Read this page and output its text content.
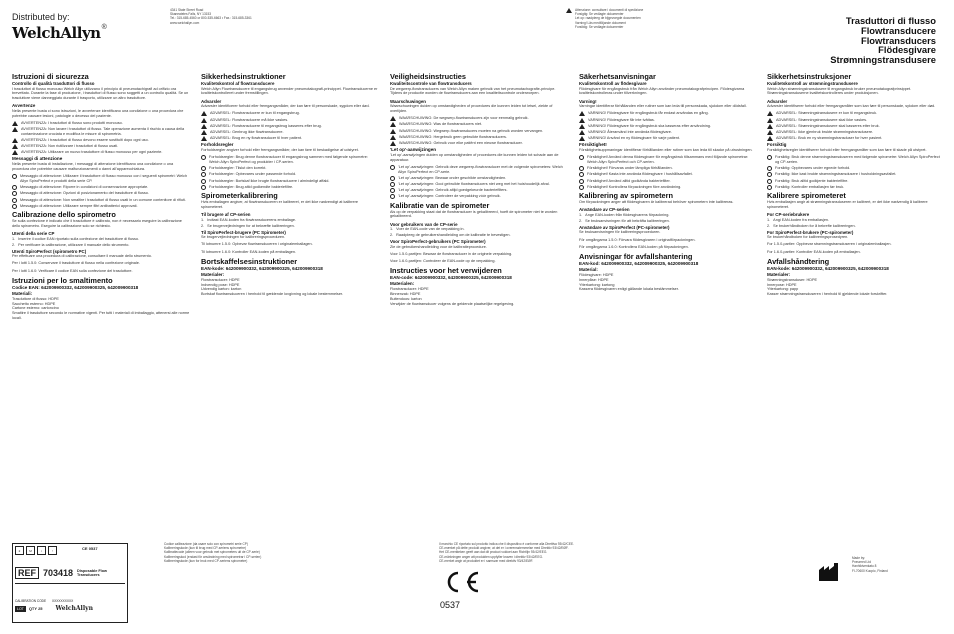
Distributed by:
WelchAllyn ®
4341 State Street Road
Skaneateles Falls, NY 13153
Tel.: 315-685-4560 or 800-535-6663 • Fax.: 315-685-3361
www.welchallyn.com
Attenzione: consultare i documenti di spedizione
Forsigtig: Se vedlagte dokumenter
Let op: raadpleeg de bijgevoegde documenten
Varning! Läs medföljande dokument
Forsiktig: Se vedlagte dokumenter
Trasduttori di flusso
Flowtransducere
Flowtransducers
Flödesgivare
Strømningstransdusere
Istruzioni di sicurezza
Controllo di qualità trasduttori di flusso

I trasduttori di flusso monouso Welch Allyn utilizzano il principio di pneumotachigrafi ad orifizio ora brevettato. Durante la fase di produzione, i trasduttori di flusso sono soggetti a un controllo qualità. Se un trasduttore viene danneggiato durante il trasporto, utilizzare un altro trasduttore.

Avvertenze

Nella presente busta ci sono istruzioni, le avvertenze identificano una condizione o una procedura che potrebbe causare lesioni, patologie o decesso del paziente.

AVVERTENZA: I trasduttori di flusso sono prodotti monouso.
AVVERTENZA: Non lavare i trasduttori di flusso. Tale operazione aumenta il rischio a causa della contaminazione crociata e modifica le misure di spirometria.
AVVERTENZA: I trasduttori di flusso devono essere sostituiti dopo ogni uso.
AVVERTENZA: Non riutilizzare i trasduttori di flusso usati.
AVVERTENZA: Utilizzare un nuovo trasduttore di flusso monouso per ogni paziente.
Messaggi di attenzione

Nella presente busta di installazione, i messaggi di attenzione identificano una condizione o una procedura che potrebbe causare malfunzionamenti o danni all'apparecchiatura.

Messaggio di attenzione: Utilizzare il trasduttore di flusso monouso con i seguenti spirometri: Welch Allyn SpiroPerfect e prodotti della serie CP.
Messaggio di attenzione: Riporre in condizioni di conservazione appropriate.
Messaggio di attenzione: Opzioni di posizionamento del trasduttore di flusso.
Messaggio di attenzione: Non smaltire i trasduttori di flusso usati in un comune contenitore di rifiuti.
Messaggio di attenzione: Utilizzare sempre filtri antibatterici approvati.
Calibrazione dello spirometro

Se sulla confezione è indicato che il trasduttore è calibrato, non è necessario eseguire la calibrazione dello spirometro. Eseguire la calibrazione solo se richiesto.

Utenti della serie CP
1. Inserire il codice EAN riportato sulla confezione del trasduttore di flusso.
2. Per verificare la calibrazione, utilizzare il manuale dello strumento.
Utenti SpiroPerfect (spirometro PC)

Per effettuare una procedura di calibrazione, consultare il manuale dello strumento.

Per i lotti 1.5.0: Conservare il trasduttore di flusso nella confezione originale.

Per i lotti 1.6.0: Verificare il codice EAN sulla confezione del trasduttore.

Istruzioni per lo smaltimento
Codice EAN: 642009900332, 642009900325, 642009900318
Materiali:
Trasduttore di flusso: HDPE
Sacchetto esterno: HDPE
Cartone esterno: cartoncino

Smaltire il trasduttore secondo le normative vigenti. Per tutti i materiali di imballaggio, attenersi alle norme locali.

Sikkerhedsinstruktioner
Kvalitetskontrol af flowtransducere

Welch Allyn Flowtransducere til engangsbrug anvender pneumotakografi-princippet. Flowtransducerne er kvalitetskontrolleret under fremstillingen.

Advarsler

Advarsler identificerer forhold eller fremgangsmåder, der kan føre til personskade, sygdom eller død.

ADVARSEL: Flowtransducere er kun til engangsbrug.
ADVARSEL: Flowtransducere må ikke vaskes.
ADVARSEL: Flowtransducere til engangsbrug kasseres efter brug.
ADVARSEL: Genbrug ikke flowtransducere.
ADVARSEL: Brug en ny flowtransducer til hver patient.
Forholdsregler

Forholdsregler angiver forhold eller fremgangsmåder, der kan føre til beskadigelse af udstyret.

Forholdsregler: Brug denne flowtransducer til engangsbrug sammen med følgende spirometre: Welch Allyn SpiroPerfect og produkter i CP-serien.
Forholdsregler: Tilslut den korrekt.
Forholdsregler: Opbevares under passende forhold.
Forholdsregler: Bortskaf ikke brugte flowtransducere i almindeligt affald.
Forholdsregler: Brug altid godkendte bakteriefiltre.
Spirometerkalibrering

Hvis emballagen angiver, at flowtransduceren er kalibreret, er det ikke nødvendigt at kalibrere spirometeret.

Til brugere af CP-serien
1. Indtast EAN-koden fra flowtransducerens emballage.
2. Se brugervejledningen for at bekræfte kalibreringen.
Til SpiroPerfect-brugere (PC Spirometer)

Se brugervejledningen for kalibreringsproceduren.

Til lotnumre 1.5.0: Opbevar flowtransduceren i originalemballagen.

Til lotnumre 1.6.0: Kontroller EAN-koden på emballagen.

Bortskaffelsesinstruktioner
EAN-kode: 642009900332, 642009900325, 642009900318
Materialer:
Flowtransducer: HDPE
Indvendig pose: HDPE
Udvendig karton: karton

Bortskaf flowtransduceren i henhold til gældende lovgivning og lokale bestemmelser.

Veiligheidsinstructies
Kwaliteitscontrole van flowtransducers

De wegwerp-flowtransducers van Welch Allyn maken gebruik van het pneumotachografie-principe. Tijdens de productie worden de flowtransducers aan een kwaliteitscontrole onderworpen.

Waarschuwingen

Waarschuwingen duiden op omstandigheden of procedures die kunnen leiden tot letsel, ziekte of overlijden.

WAARSCHUWING: De wegwerp-flowtransducers zijn voor eenmalig gebruik.
WAARSCHUWING: Was de flowtransducers niet.
WAARSCHUWING: Wegwerp-flowtransducers moeten na gebruik worden vervangen.
WAARSCHUWING: Hergebruik geen gebruikte flowtransducers.
WAARSCHUWING: Gebruik voor elke patiënt een nieuwe flowtransducer.
'Let op'-aanwijzingen

'Let op'-aanwijzingen duiden op omstandigheden of procedures die kunnen leiden tot schade aan de apparatuur.

'Let op'-aanwijzingen: Gebruik deze wegwerp-flowtransducer met de volgende spirometers: Welch Allyn SpiroPerfect en CP-serie.
'Let op'-aanwijzingen: Bewaar onder geschikte omstandigheden.
'Let op'-aanwijzingen: Gooi gebruikte flowtransducers niet weg met het huishoudelijk afval.
'Let op'-aanwijzingen: Gebruik altijd goedgekeurde bacteriefilters.
'Let op'-aanwijzingen: Controleer de verpakking vóór gebruik.
Kalibratie van de spirometer

Als op de verpakking staat dat de flowtransducer is gekalibreerd, hoeft de spirometer niet te worden gekalibreerd.

Voor gebruikers van de CP-serie
1. Voer de EAN-code van de verpakking in.
2. Raadpleeg de gebruikershandleiding om de kalibratie te bevestigen.
Voor SpiroPerfect-gebruikers (PC Spirometer)

Zie de gebruikershandleiding voor de kalibratieprocedure.

Voor 1.5.0-partijen: Bewaar de flowtransducer in de originele verpakking.

Voor 1.6.0-partijen: Controleer de EAN-code op de verpakking.

Instructies voor het verwijderen
EAN-code: 642009900332, 642009900325, 642009900318
Materialen:
Flowtransducer: HDPE
Binnenzak: HDPE
Buitendoos: karton

Verwijder de flowtransducer volgens de geldende plaatselijke regelgeving.

Säkerhetsanvisningar
Kvalitetskontroll av flödesgivare

Flödesgivare för engångsbruk från Welch Allyn använder pneumotakografprincipen. Flödesgivarna kvalitetskontrolleras under tillverkningen.

Varning!

Varningar identifierar förhållanden eller rutiner som kan leda till personskada, sjukdom eller dödsfall.

VARNING! Flödesgivare för engångsbruk får endast användas en gång.
VARNING! Flödesgivare får inte tvättas.
VARNING! Flödesgivare för engångsbruk ska kasseras efter användning.
VARNING! Återanvänd inte använda flödesgivare.
VARNING! Använd en ny flödesgivare för varje patient.
Försiktighet!

Försiktighetsuppmaningar identifierar förhållanden eller rutiner som kan leda till skador på utrustningen.

Försiktighet! Använd denna flödesgivare för engångsbruk tillsammans med följande spirometrar: Welch Allyn SpiroPerfect och CP-serien.
Försiktighet! Förvaras under lämpliga förhållanden.
Försiktighet! Kasta inte använda flödesgivare i hushållsavfallet.
Försiktighet! Använd alltid godkända bakteriefilter.
Försiktighet! Kontrollera förpackningen före användning.
Kalibrering av spirometern

Om förpackningen anger att flödesgivaren är kalibrerad behöver spirometern inte kalibreras.

Användare av CP-serien
1. Ange EAN-koden från flödesgivarens förpackning.
2. Se bruksanvisningen för att bekräfta kalibreringen.
Användare av SpiroPerfect (PC-spirometer)

Se bruksanvisningen för kalibreringsproceduren.

För omgångarna 1.5.0: Förvara flödesgivaren i originalförpackningen.

För omgångarna 1.6.0: Kontrollera EAN-koden på förpackningen.

Anvisningar för avfallshantering
EAN-kod: 642009900332, 642009900325, 642009900318
Material:
Flödesgivare: HDPE
Innerpåse: HDPE
Ytterkartong: kartong

Kassera flödesgivaren enligt gällande lokala bestämmelser.

Sikkerhetsinstruksjoner
Kvalitetskontroll av strømningstransdusere

Welch Allyn strømningstransdusere til engangsbruk bruker pneumotakografprinsippet. Strømningstransduserne kvalitetskontrolleres under produksjonen.

Advarsler

Advarsler identifiserer forhold eller fremgangsmåter som kan føre til personskade, sykdom eller død.

ADVARSEL: Strømningstransdusere er kun til engangsbruk.
ADVARSEL: Strømningstransdusere skal ikke vaskes.
ADVARSEL: Strømningstransdusere skal kasseres etter bruk.
ADVARSEL: Ikke gjenbruk brukte strømningstransdusere.
ADVARSEL: Bruk en ny strømningstransduser for hver pasient.
Forsiktig

Forsiktighetsregler identifiserer forhold eller fremgangsmåter som kan føre til skade på utstyret.

Forsiktig: Bruk denne strømningstransduseren med følgende spirometre: Welch Allyn SpiroPerfect og CP-serien.
Forsiktig: Oppbevares under egnede forhold.
Forsiktig: Ikke kast brukte strømningstransdusere i husholdningsavfallet.
Forsiktig: Bruk alltid godkjente bakteriefiltre.
Forsiktig: Kontroller emballasjen før bruk.
Kalibrere spirometeret

Hvis emballasjen angir at strømningstransduseren er kalibrert, er det ikke nødvendig å kalibrere spirometeret.

For CP-seriebrukere
1. Angi EAN-koden fra emballasjen.
2. Se brukerhåndboken for å bekrefte kalibreringen.
For SpiroPerfect-brukere (PC-spirometer)

Se brukerhåndboken for kalibreringsprosedyren.

For 1.5.0-partier: Oppbevar strømningstransduseren i originalemballasjen.

For 1.6.0-partier: Kontroller EAN-koden på emballasjen.

Avfallshåndtering
EAN-kode: 642009900332, 642009900325, 642009900318
Materialer:
Strømningstransduser: HDPE
Innerpose: HDPE
Ytterkartong: papp

Kasser strømningstransduseren i henhold til gjeldende lokale forskrifter.

2	M	i	!	CE 0537
REF 703418 Disposable Flow Transducers
CALIBRATION CODE XXXXXXXXXX
LOT	QTY 25 WelchAllyn
Codice calibrazione (da usare solo con spirometri serie CP)
Kalibreringskode (kun til brug med CP-seriens spirometre)
Kalibratiecode (alleen voor gebruik met spirometers uit de CP-serie)
Kalibreringskod (endast för användning med spirometrar i CP-serien)
Kalibreringskode (kun for bruk med CP-seriens spirometre)
Il marchio CE riportato sul prodotto indica che il dispositivo è conforme alla Direttiva 93/42/CEE.
CE-mærket på dette produkt angiver, at det er i overensstemmelse med Direktiv 93/42/EØF.
Het CE-merkteken geeft aan dat dit product voldoet aan Richtlijn 93/42/EEG.
CE-märkningen anger att produkten uppfyller kraven i direktiv 93/42/EEG.
CE-merket angir at produktet er i samsvar med direktiv 93/42/EØF.
0537
Made by:
Pneumed Ltd
Hanhikivenkatu 8
FI-70600 Kuopio, Finland
